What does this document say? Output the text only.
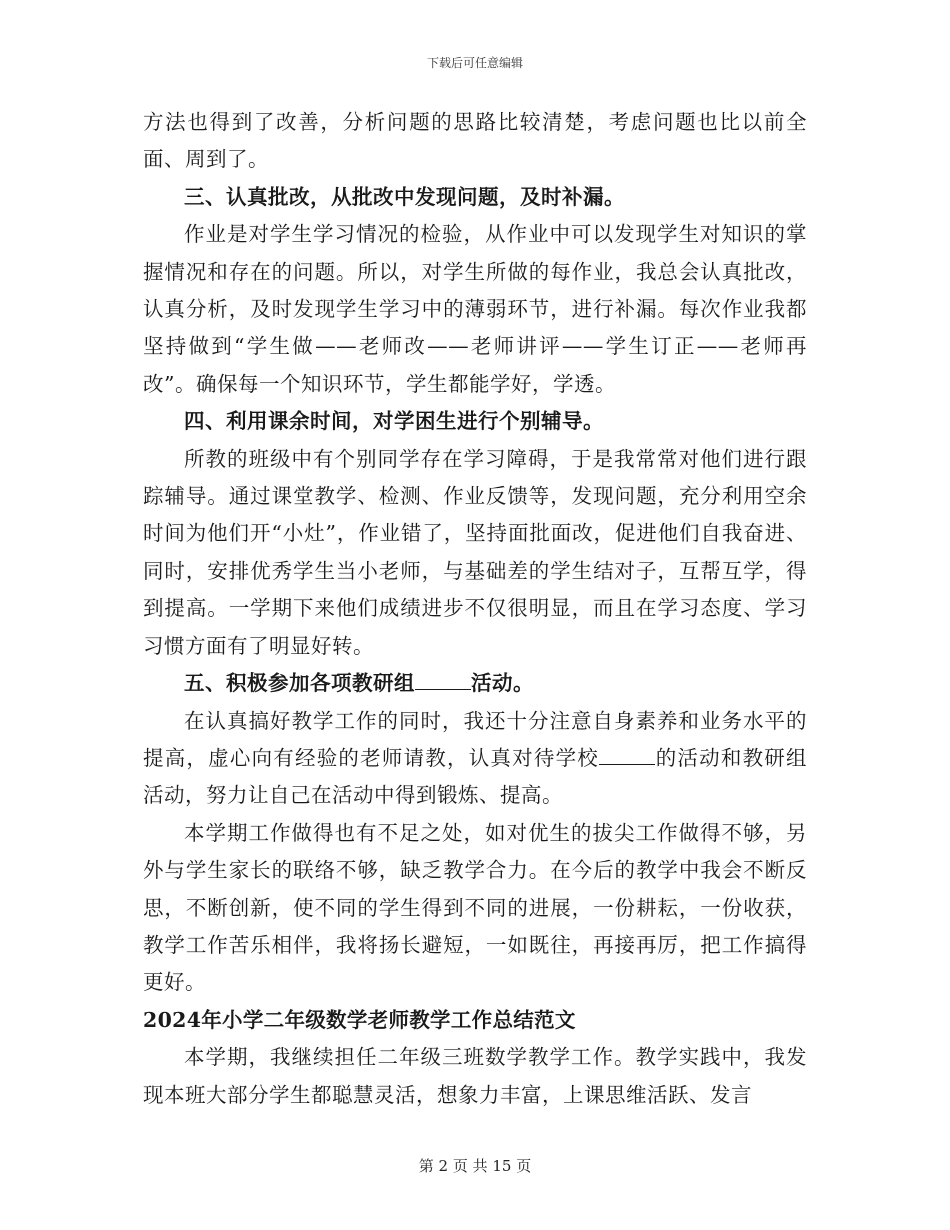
下载后可任意编辑

方法也得到了改善，分析问题的思路比较清楚，考虑问题也比以前全面、周到了。

三、认真批改，从批改中发现问题，及时补漏。

作业是对学生学习情况的检验，从作业中可以发现学生对知识的掌握情况和存在的问题。所以，对学生所做的每作业，我总会认真批改，认真分析，及时发现学生学习中的薄弱环节，进行补漏。每次作业我都坚持做到“学生做——老师改——老师讲评——学生订正——老师再改”。确保每一个知识环节，学生都能学好，学透。

四、利用课余时间，对学困生进行个别辅导。

所教的班级中有个别同学存在学习障碍，于是我常常对他们进行跟踪辅导。通过课堂教学、检测、作业反馈等，发现问题，充分利用空余时间为他们开“小灶”，作业错了，坚持面批面改，促进他们自我奋进、同时，安排优秀学生当小老师，与基础差的学生结对子，互帮互学，得到提高。一学期下来他们成绩进步不仅很明显，而且在学习态度、学习习惯方面有了明显好转。

五、积极参加各项教研组	活动。

在认真搞好教学工作的同时，我还十分注意自身素养和业务水平的提高，虚心向有经验的老师请教，认真对待学校	的活动和教研组活动，努力让自己在活动中得到锻炼、提高。

本学期工作做得也有不足之处，如对优生的拔尖工作做得不够，另外与学生家长的联络不够，缺乏教学合力。在今后的教学中我会不断反思，不断创新，使不同的学生得到不同的进展，一份耕耘，一份收获，教学工作苦乐相伴，我将扬长避短，一如既往，再接再厉，把工作搞得更好。

2024年小学二年级数学老师教学工作总结范文

本学期，我继续担任二年级三班数学教学工作。教学实践中，我发现本班大部分学生都聪慧灵活，想象力丰富，上课思维活跃、发言

第 2 页 共 15 页
